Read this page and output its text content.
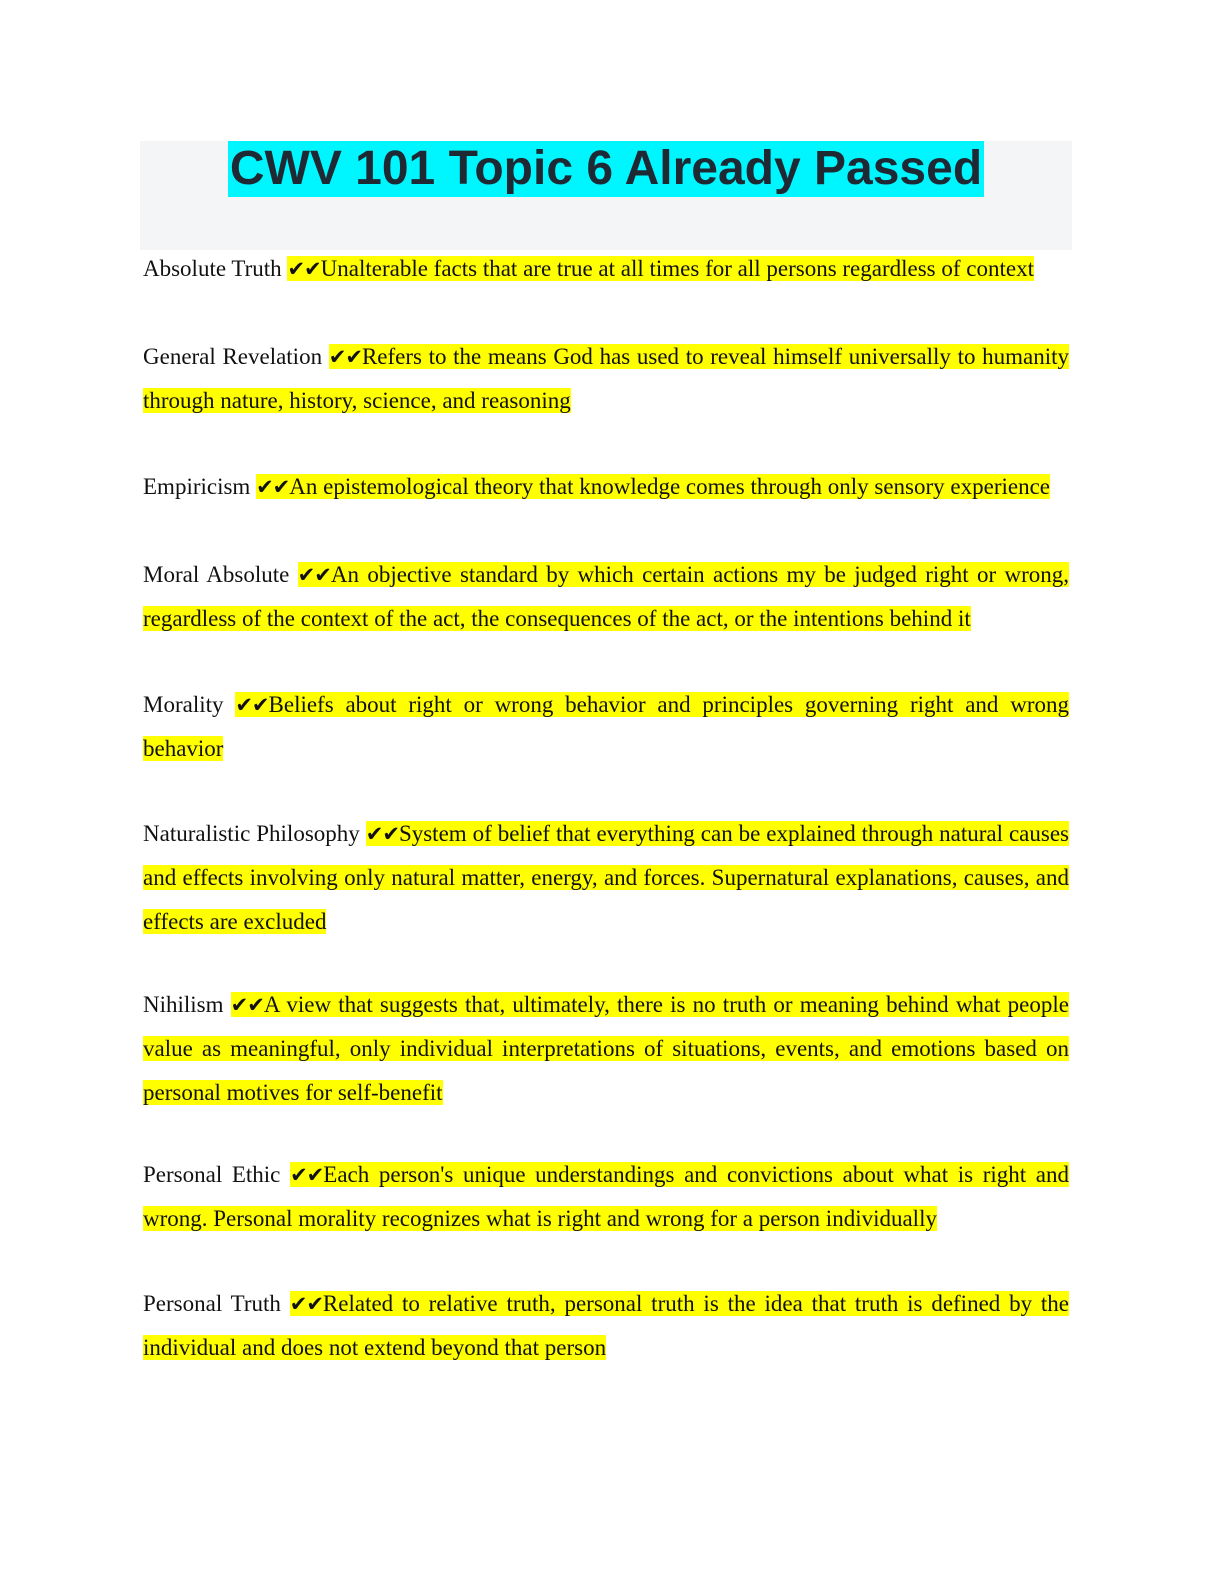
CWV 101 Topic 6 Already Passed

Absolute Truth ✔✔Unalterable facts that are true at all times for all persons regardless of context

General Revelation ✔✔Refers to the means God has used to reveal himself universally to humanity through nature, history, science, and reasoning

Empiricism ✔✔An epistemological theory that knowledge comes through only sensory experience

Moral Absolute ✔✔An objective standard by which certain actions my be judged right or wrong, regardless of the context of the act, the consequences of the act, or the intentions behind it

Morality ✔✔Beliefs about right or wrong behavior and principles governing right and wrong behavior

Naturalistic Philosophy ✔✔System of belief that everything can be explained through natural causes and effects involving only natural matter, energy, and forces. Supernatural explanations, causes, and effects are excluded

Nihilism ✔✔A view that suggests that, ultimately, there is no truth or meaning behind what people value as meaningful, only individual interpretations of situations, events, and emotions based on personal motives for self-benefit

Personal Ethic ✔✔Each person's unique understandings and convictions about what is right and wrong. Personal morality recognizes what is right and wrong for a person individually

Personal Truth ✔✔Related to relative truth, personal truth is the idea that truth is defined by the individual and does not extend beyond that person
